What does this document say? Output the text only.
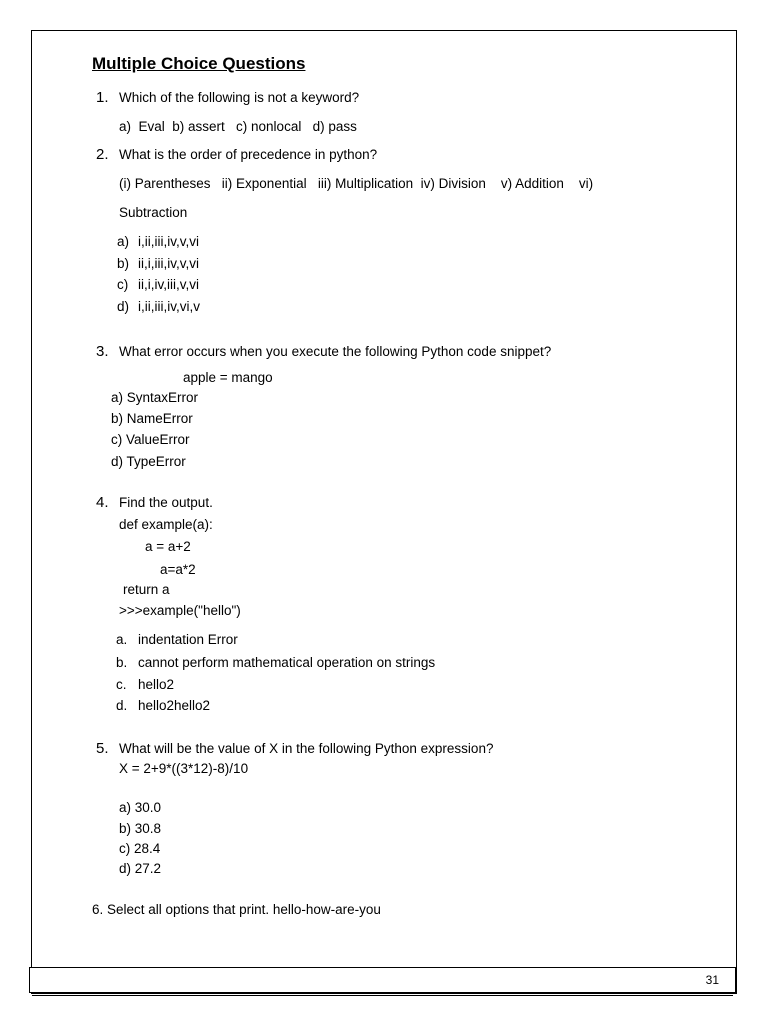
Multiple Choice Questions
1. Which of the following is not a keyword?
a)  Eval  b) assert   c) nonlocal   d) pass
2. What is the order of precedence in python?
(i) Parentheses   ii) Exponential   iii) Multiplication  iv) Division    v) Addition    vi)
Subtraction
a) i,ii,iii,iv,v,vi
b) ii,i,iii,iv,v,vi
c) ii,i,iv,iii,v,vi
d) i,ii,iii,iv,vi,v
3. What error occurs when you execute the following Python code snippet?
apple = mango
a) SyntaxError
b) NameError
c) ValueError
d) TypeError
4. Find the output.
def example(a):
a = a+2
a=a*2
return a
>>>example("hello")
a. indentation Error
b. cannot perform mathematical operation on strings
c. hello2
d. hello2hello2
5. What will be the value of X in the following Python expression?
X = 2+9*((3*12)-8)/10
a) 30.0
b) 30.8
c) 28.4
d) 27.2
6. Select all options that print. hello-how-are-you
31
